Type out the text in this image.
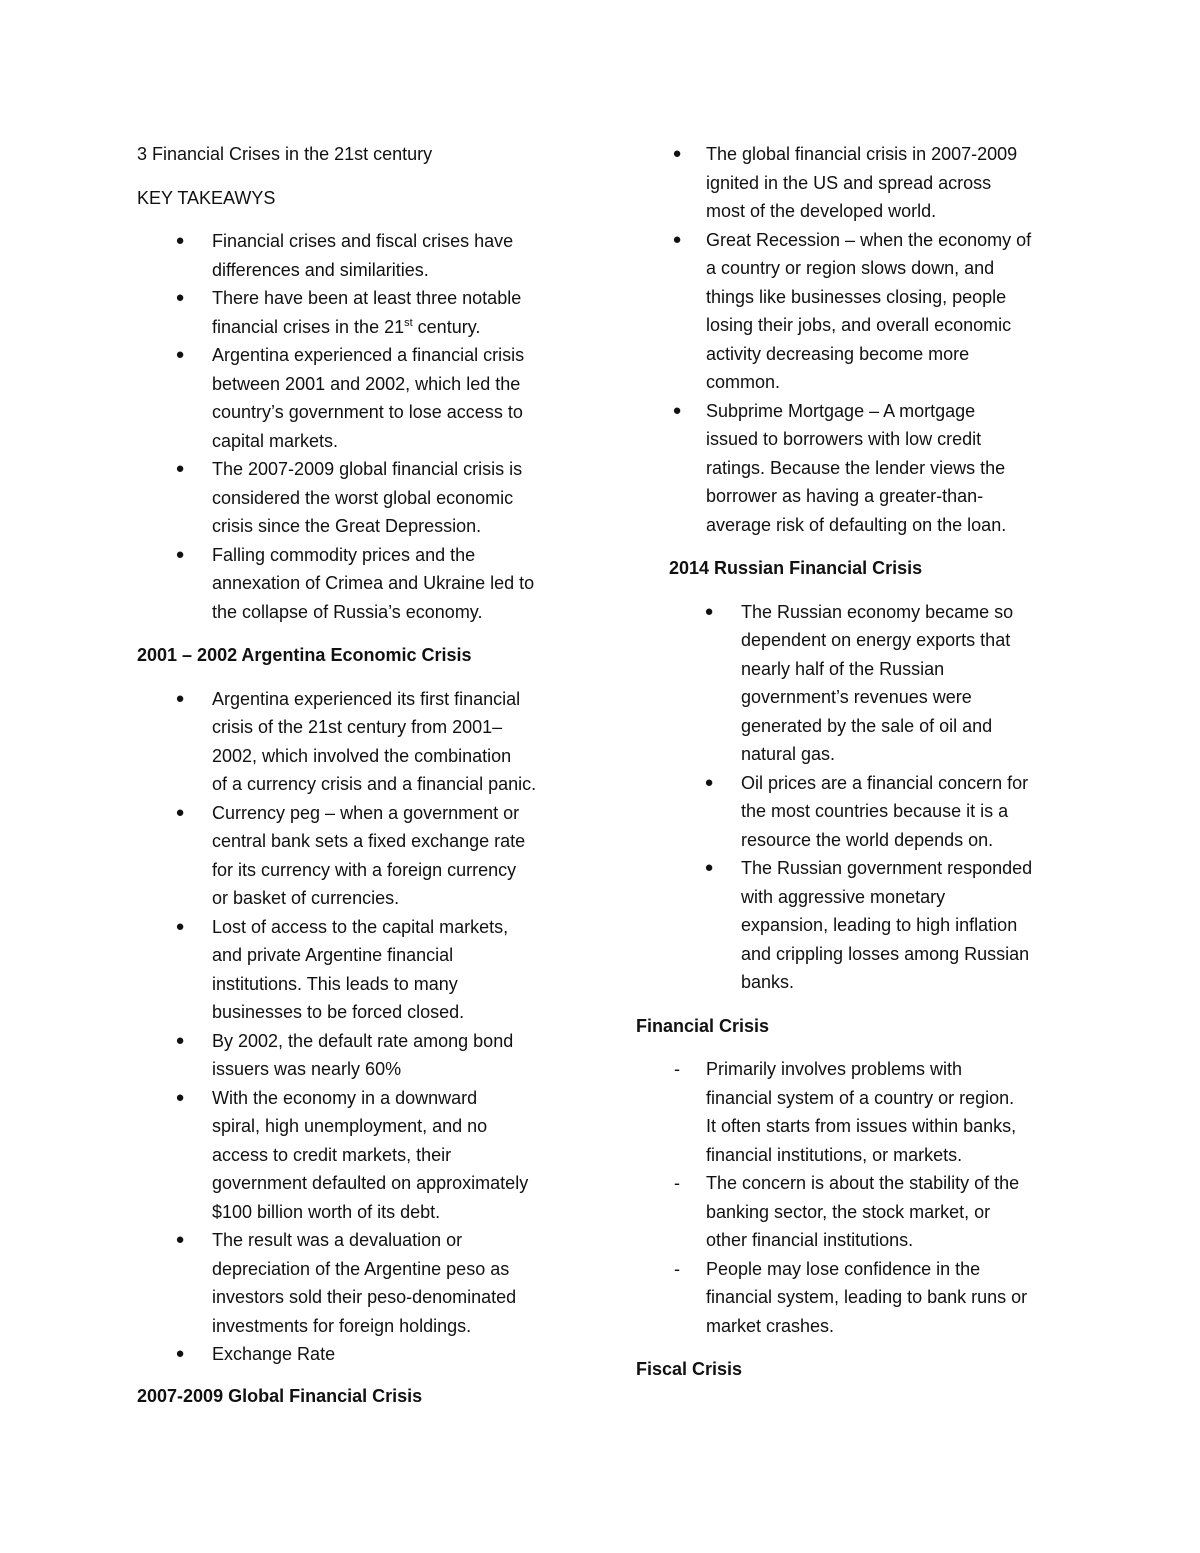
3 Financial Crises in the 21st century

KEY TAKEAWYS

● Financial crises and fiscal crises have
differences and similarities.
● There have been at least three notable
financial crises in the 21st century.
● Argentina experienced a financial crisis
between 2001 and 2002, which led the
country’s government to lose access to
capital markets.
● The 2007-2009 global financial crisis is
considered the worst global economic
crisis since the Great Depression.
● Falling commodity prices and the
annexation of Crimea and Ukraine led to
the collapse of Russia’s economy.

2001 – 2002 Argentina Economic Crisis

● Argentina experienced its first financial
crisis of the 21st century from 2001–
2002, which involved the combination
of a currency crisis and a financial panic.
● Currency peg – when a government or
central bank sets a fixed exchange rate
for its currency with a foreign currency
or basket of currencies.
● Lost of access to the capital markets,
and private Argentine financial
institutions. This leads to many
businesses to be forced closed.
● By 2002, the default rate among bond
issuers was nearly 60%
● With the economy in a downward
spiral, high unemployment, and no
access to credit markets, their
government defaulted on approximately
$100 billion worth of its debt.
● The result was a devaluation or
depreciation of the Argentine peso as
investors sold their peso-denominated
investments for foreign holdings.
● Exchange Rate

2007-2009 Global Financial Crisis

● The global financial crisis in 2007-2009
ignited in the US and spread across
most of the developed world.
● Great Recession – when the economy of
a country or region slows down, and
things like businesses closing, people
losing their jobs, and overall economic
activity decreasing become more
common.
● Subprime Mortgage – A mortgage
issued to borrowers with low credit
ratings. Because the lender views the
borrower as having a greater-than-
average risk of defaulting on the loan.

2014 Russian Financial Crisis

● The Russian economy became so
dependent on energy exports that
nearly half of the Russian
government’s revenues were
generated by the sale of oil and
natural gas.
● Oil prices are a financial concern for
the most countries because it is a
resource the world depends on.
● The Russian government responded
with aggressive monetary
expansion, leading to high inflation
and crippling losses among Russian
banks.

Financial Crisis

- Primarily involves problems with
financial system of a country or region.
It often starts from issues within banks,
financial institutions, or markets.
- The concern is about the stability of the
banking sector, the stock market, or
other financial institutions.
- People may lose confidence in the
financial system, leading to bank runs or
market crashes.

Fiscal Crisis
